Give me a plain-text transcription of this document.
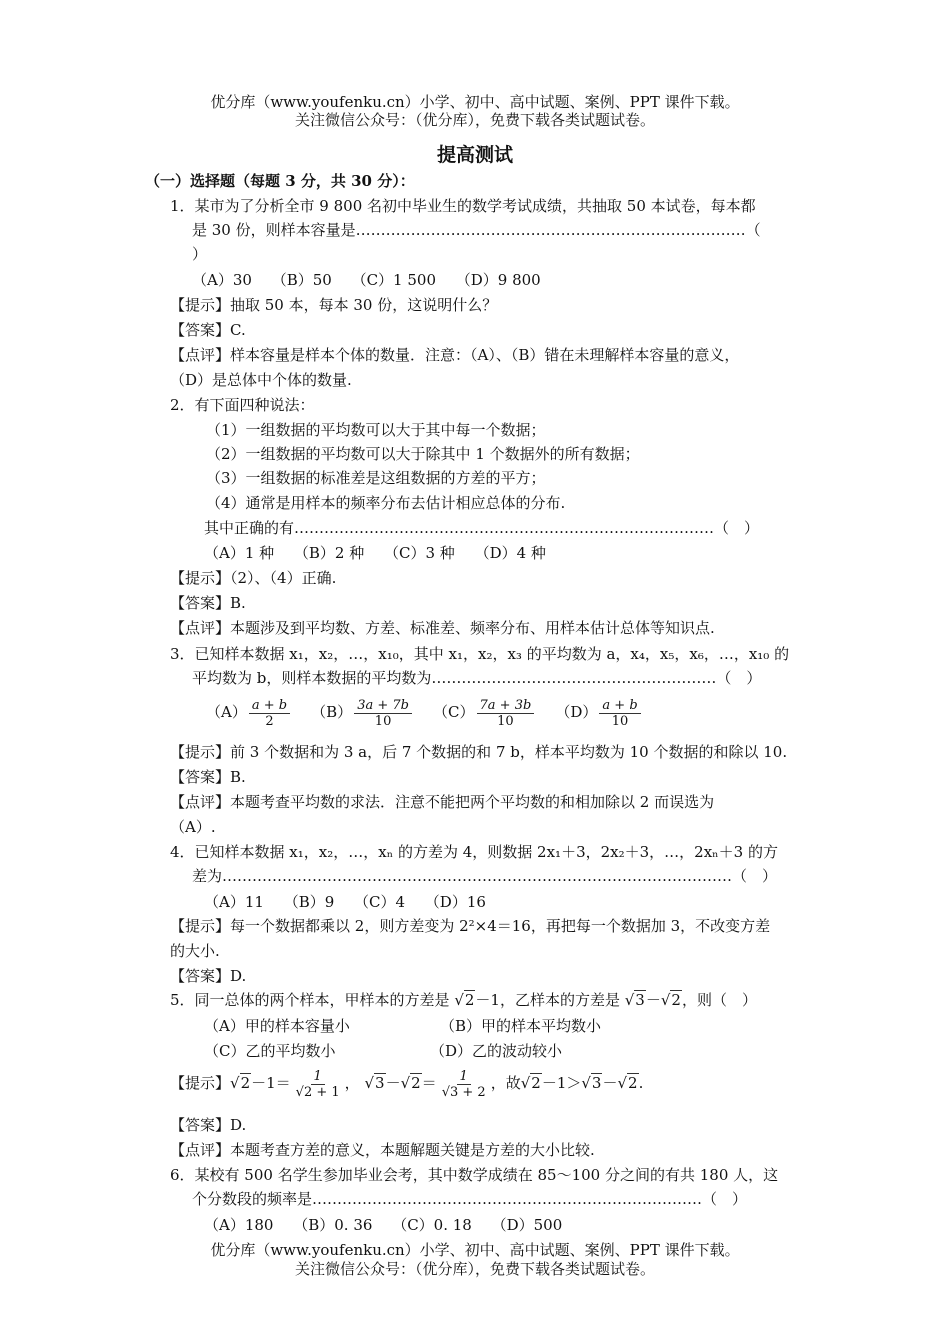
优分库（www.youfenku.cn）小学、初中、高中试题、案例、PPT 课件下载。
关注微信公众号：（优分库），免费下载各类试题试卷。
提高测试
（一）选择题（每题 3 分，共 30 分）：
1．某市为了分析全市 9 800 名初中毕业生的数学考试成绩，共抽取 50 本试卷，每本都
是 30 份，则样本容量是……………………………………………………………………（
）
（A）30　 （B）50　 （C）1 500　 （D）9 800
【提示】抽取 50 本，每本 30 份，这说明什么？
【答案】C.
【点评】样本容量是样本个体的数量．注意：（A）、（B）错在未理解样本容量的意义，
（D）是总体中个体的数量.
2．有下面四种说法：
（1）一组数据的平均数可以大于其中每一个数据；
（2）一组数据的平均数可以大于除其中 1 个数据外的所有数据；
（3）一组数据的标准差是这组数据的方差的平方；
（4）通常是用样本的频率分布去估计相应总体的分布.
其中正确的有…………………………………………………………………………（　）
（A）1 种　 （B）2 种　 （C）3 种　 （D）4 种
【提示】（2）、（4）正确.
【答案】B.
【点评】本题涉及到平均数、方差、标准差、频率分布、用样本估计总体等知识点.
3．已知样本数据 x₁，x₂，…，x₁₀，其中 x₁，x₂，x₃ 的平均数为 a，x₄，x₅，x₆，…，x₁₀ 的
平均数为 b，则样本数据的平均数为…………………………………………………（　）
$(A) \frac{a + b}{2} (B) \frac{3a + 7b}{10} (C) \frac{7a + 3b}{10} (D) \frac{a + b}{10}$
【提示】前 3 个数据和为 3 a，后 7 个数据的和 7 b，样本平均数为 10 个数据的和除以 10.
【答案】B.
【点评】本题考查平均数的求法．注意不能把两个平均数的和相加除以 2 而误选为
（A）.
4．已知样本数据 x₁，x₂，…，xₙ 的方差为 4，则数据 2x₁＋3，2x₂＋3，…，2xₙ＋3 的方
差为…………………………………………………………………………………………（　）
（A）11　 （B）9　 （C）4　 （D）16
【提示】每一个数据都乘以 2，则方差变为 2²×4＝16，再把每一个数据加 3，不改变方差
的大小.
【答案】D.
5．同一总体的两个样本，甲样本的方差是 √2－1，乙样本的方差是 √3－√2，则（　）
（A）甲的样本容量小	（B）甲的样本平均数小
（C）乙的平均数小	（D）乙的波动较小
【提示】$√2-1= \frac{1}{√2 + 1}$ ， $√3-√2= \frac{1}{√3 + 2}$ ，故√2－1＞√3－√2.
【答案】D.
【点评】本题考查方差的意义，本题解题关键是方差的大小比较.
6．某校有 500 名学生参加毕业会考，其中数学成绩在 85～100 分之间的有共 180 人，这
个分数段的频率是……………………………………………………………………（　）
（A）180　 （B）0. 36　 （C）0. 18　 （D）500
优分库（www.youfenku.cn）小学、初中、高中试题、案例、PPT 课件下载。
关注微信公众号：（优分库），免费下载各类试题试卷。
